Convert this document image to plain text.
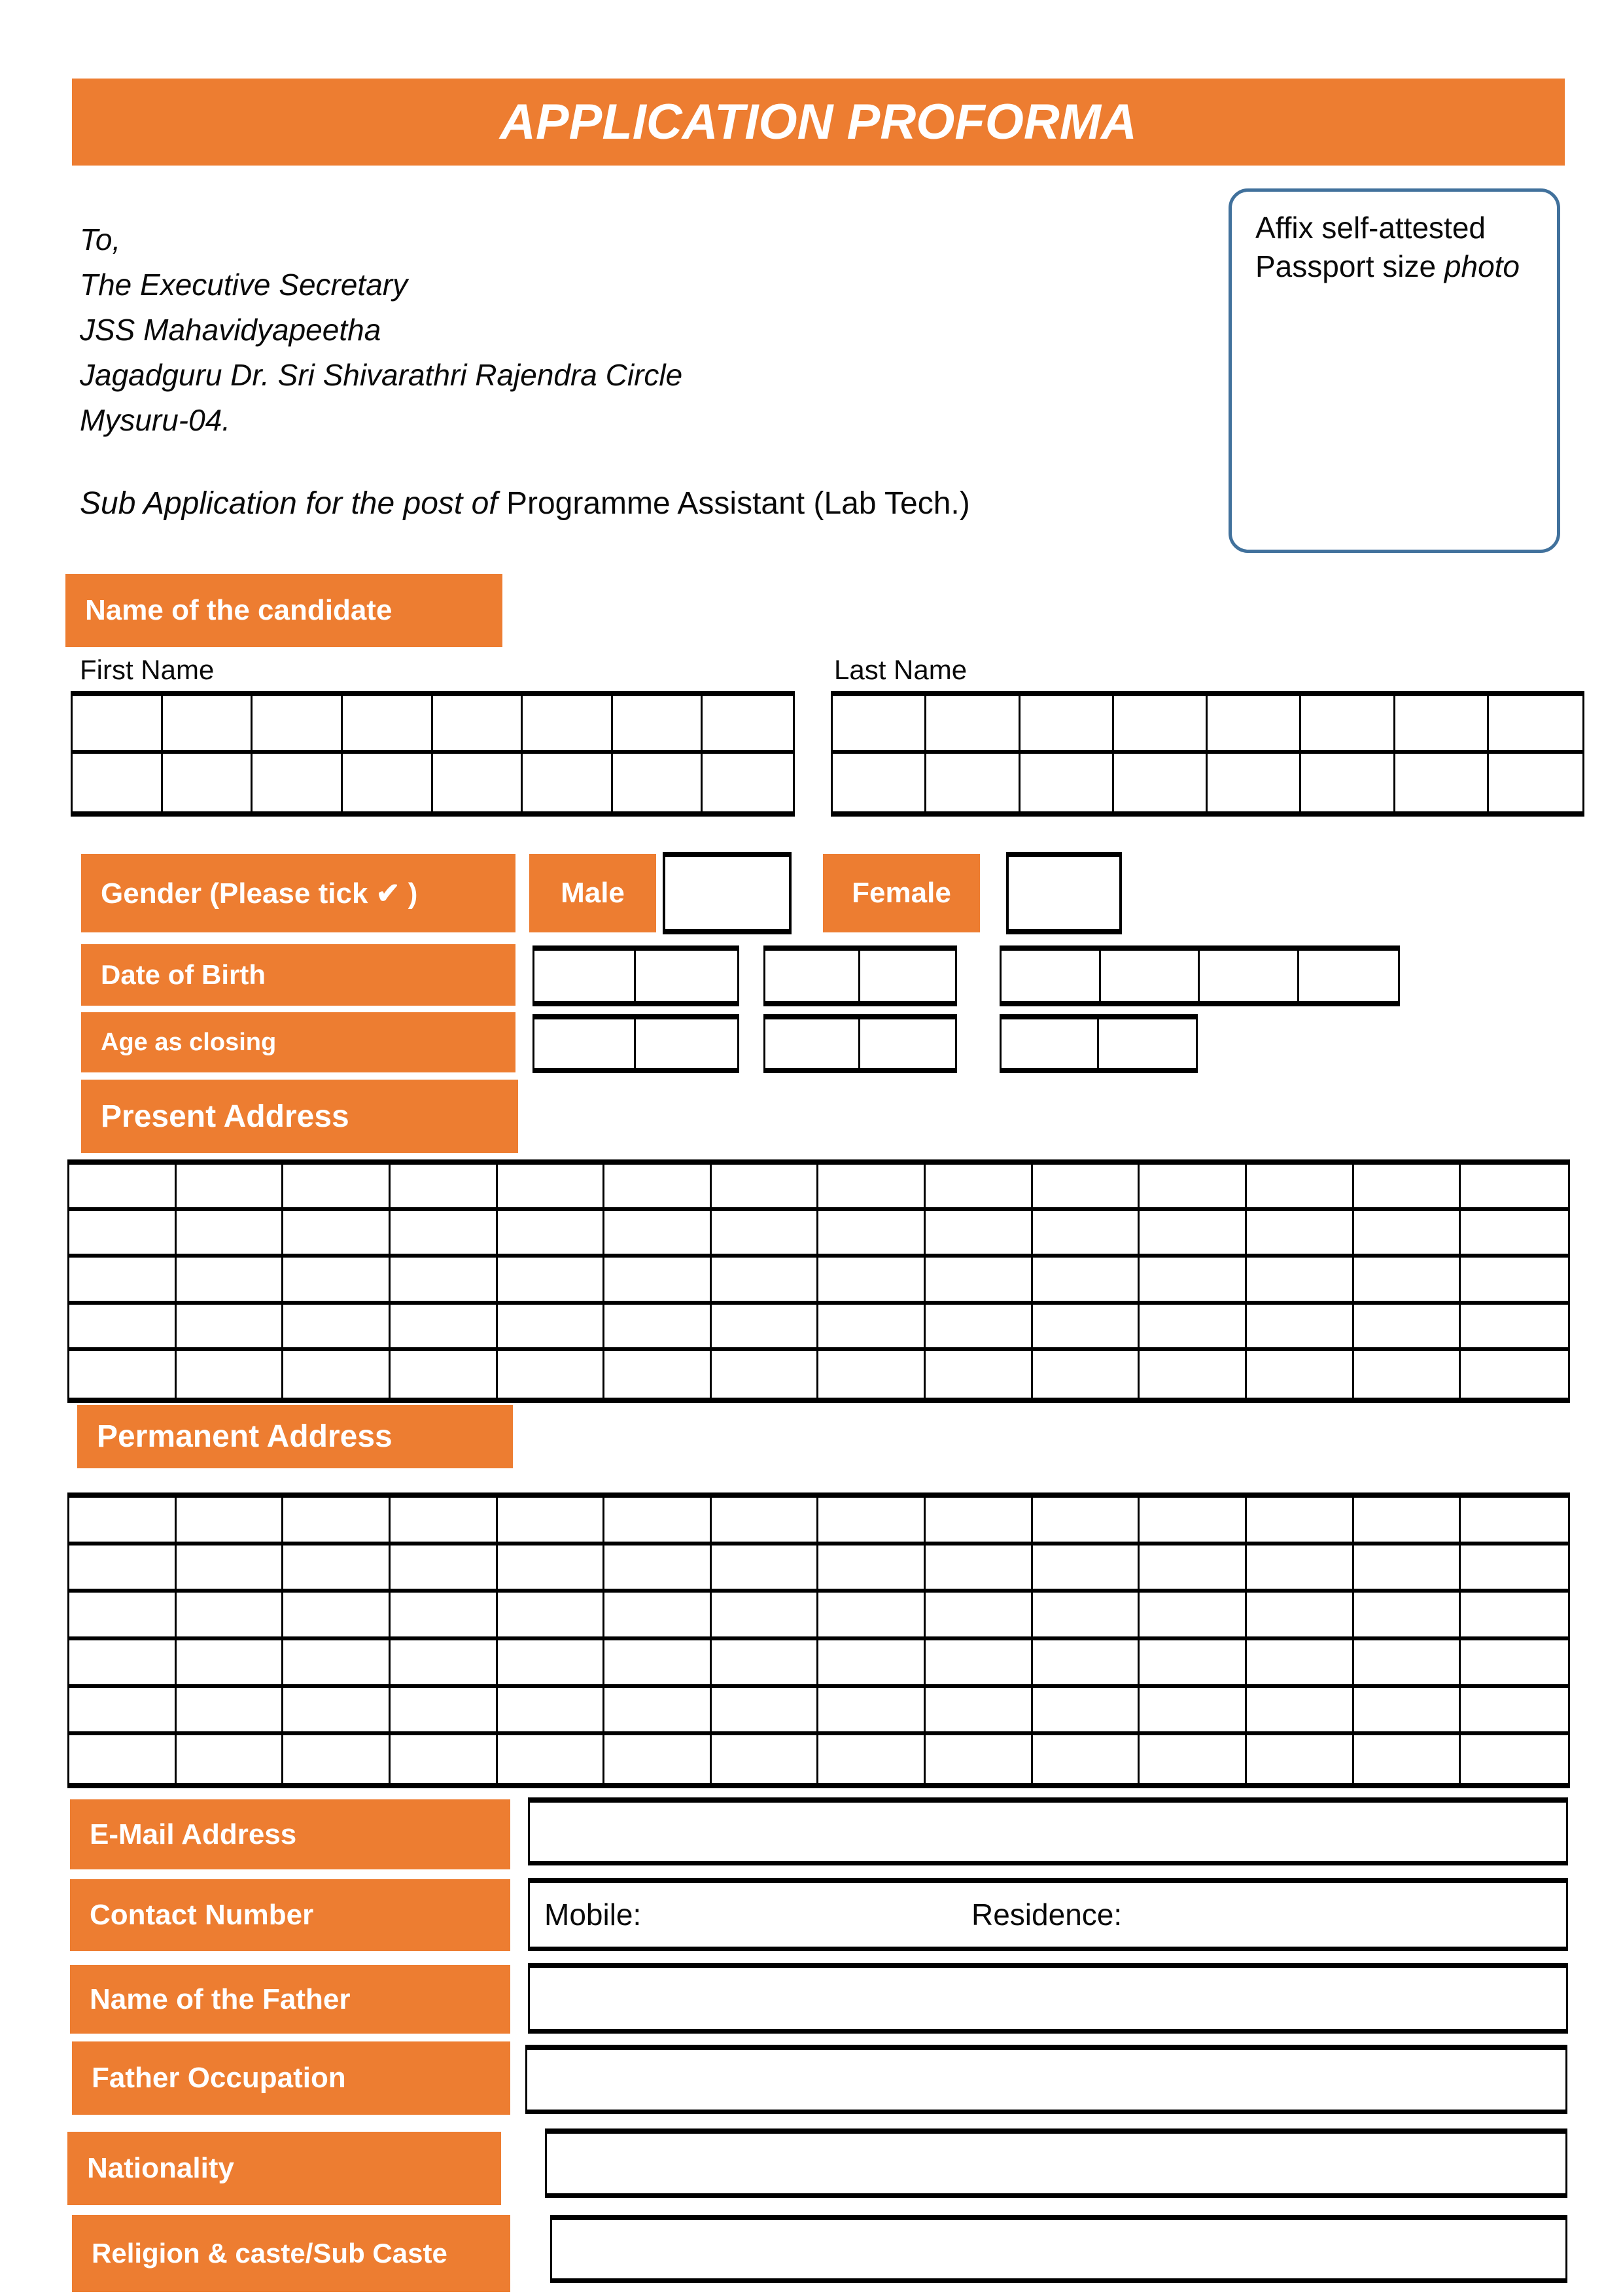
APPLICATION PROFORMA
To,
The Executive Secretary
JSS Mahavidyapeetha
Jagadguru Dr. Sri Shivarathri Rajendra Circle
Mysuru-04.
Affix self-attested Passport size photo
Sub Application for the post of Programme Assistant (Lab Tech.)
Name of the candidate
First Name	Last Name
Gender (Please tick ✔ )	Male	Female
Date of Birth
Age as closing
Present Address
Permanent Address
E-Mail Address
Contact Number	Mobile:	Residence:
Name of the Father
Father Occupation
Nationality
Religion & caste/Sub Caste
